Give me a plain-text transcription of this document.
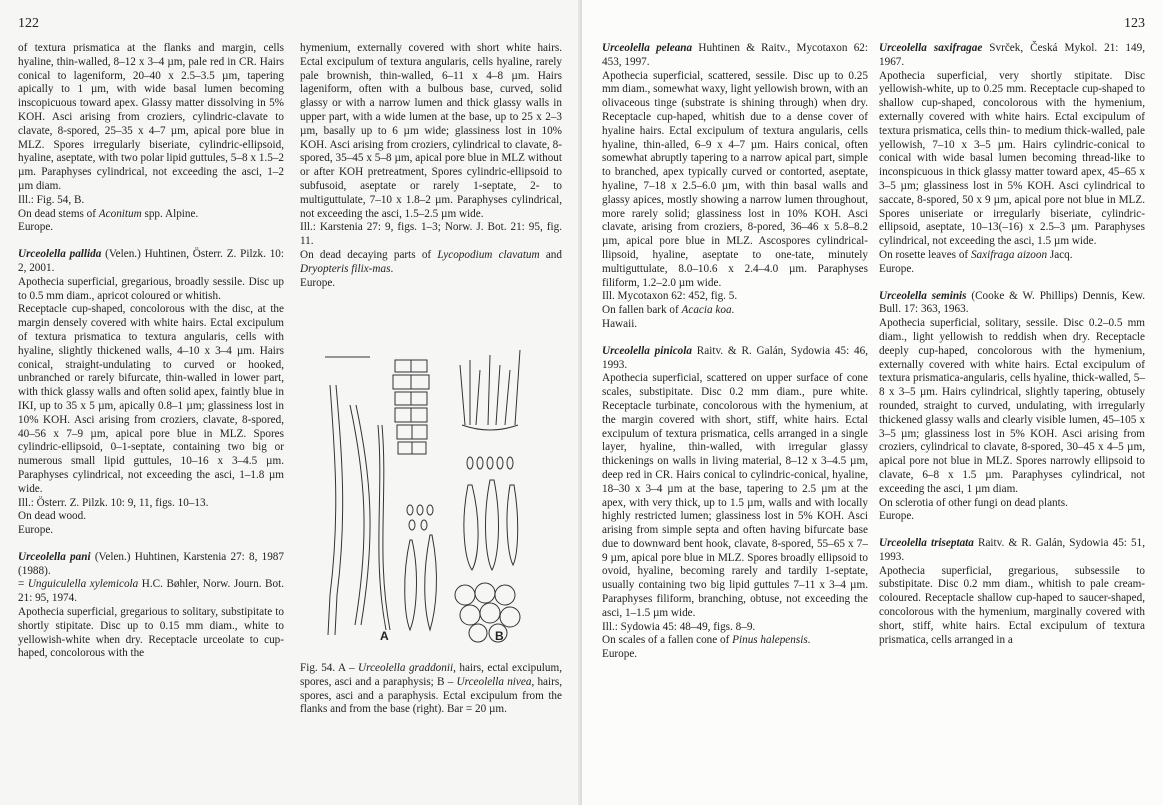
122

of textura prismatica at the flanks and margin, cells hyaline, thin-walled, 8–12 x 3–4 µm, pale red in CR. Hairs conical to lageniform, 20–40 x 2.5–3.5 µm, tapering apically to 1 µm, with wide basal lumen becoming inscopicuous toward apex. Glassy matter dissolving in 5% KOH. Asci arising from croziers, cylindric-clavate to clavate, 8-spored, 25–35 x 4–7 µm, apical pore blue in MLZ. Spores irregularly biseriate, cylindric-ellipsoid, hyaline, aseptate, with two polar lipid guttules, 5–8 x 1.5–2 µm. Paraphyses cylindrical, not exceeding the asci, 1–2 µm diam.

Ill.: Fig. 54, B.

On dead stems of Aconitum spp. Alpine.

Europe.

Urceolella pallida (Velen.) Huhtinen, Österr. Z. Pilzk. 10: 2, 2001.

Apothecia superficial, gregarious, broadly sessile. Disc up to 0.5 mm diam., apricot coloured or whitish.

Receptacle cup-shaped, concolorous with the disc, at the margin densely covered with white hairs. Ectal excipulum of textura prismatica to textura angularis, cells with hyaline, slightly thickened walls, 4–10 x 3–4 µm. Hairs conical, straight-undulating to curved or hooked, unbranched or rarely bifurcate, thin-walled in lower part, with thick glassy walls and often solid apex, faintly blue in IKI, up to 35 x 5 µm, apically 0.8–1 µm; glassiness lost in 10% KOH. Asci arising from croziers, clavate, 8-spored, 40–56 x 7–9 µm, apical pore blue in MLZ. Spores cylindric-ellipsoid, 0–1-septate, containing two big or numerous small lipid guttules, 10–16 x 3–4.5 µm. Paraphyses cylindrical, not exceeding the asci, 1–1.8 µm wide.

Ill.: Österr. Z. Pilzk. 10: 9, 11, figs. 10–13.

On dead wood.

Europe.

Urceolella pani (Velen.) Huhtinen, Karstenia 27: 8, 1987 (1988).

= Unguiculella xylemicola H.C. Bøhler, Norw. Journ. Bot. 21: 95, 1974.

Apothecia superficial, gregarious to solitary, substipitate to shortly stipitate. Disc up to 0.15 mm diam., white to yellowish-white when dry. Receptacle urceolate to cup-haped, concolorous with the

hymenium, externally covered with short white hairs. Ectal excipulum of textura angularis, cells hyaline, rarely pale brownish, thin-walled, 6–11 x 4–8 µm. Hairs lageniform, often with a bulbous base, curved, solid glassy or with a narrow lumen and thick glassy walls in upper part, with a wide lumen at the base, up to 25 x 2–3 µm, basally up to 6 µm wide; glassiness lost in 10% KOH. Asci arising from croziers, cylindrical to clavate, 8-spored, 35–45 x 5–8 µm, apical pore blue in MLZ without or after KOH pretreatment, Spores cylindric-ellipsoid to subfusoid, aseptate or rarely 1-septate, 2- to multiguttulate, 7–10 x 1.8–2 µm. Paraphyses cylindrical, not exceeding the asci, 1.5–2.5 µm wide.

Ill.: Karstenia 27: 9, figs. 1–3; Norw. J. Bot. 21: 95, fig. 11.

On dead decaying parts of Lycopodium clavatum and Dryopteris filix-mas.

Europe.

A	B

Fig. 54. A – Urceolella graddonii, hairs, ectal excipulum, spores, asci and a paraphysis; B – Urceolella nivea, hairs, spores, asci and a paraphysis. Ectal excipulum from the flanks and from the base (right). Bar = 20 µm.

123

Urceolella peleana Huhtinen & Raitv., Mycotaxon 62: 453, 1997.

Apothecia superficial, scattered, sessile. Disc up to 0.25 mm diam., somewhat waxy, light yellowish brown, with an olivaceous tinge (substrate is shining through) when dry. Receptacle cup-haped, whitish due to a dense cover of hyaline hairs. Ectal excipulum of textura angularis, cells hyaline, thin-alled, 6–9 x 4–7 µm. Hairs conical, often somewhat abruptly tapering to a narrow apical part, simple to branched, apex typically curved or contorted, aseptate, hyaline, 7–18 x 2.5–6.0 µm, with thin basal walls and glassy apices, mostly showing a narrow lumen throughout, more rarely solid; glassiness lost in 10% KOH. Asci clavate, arising from croziers, 8-pored, 36–46 x 5.8–8.2 µm, apical pore blue in MLZ. Ascospores cylindrical-llipsoid, hyaline, aseptate to one-tate, minutely multiguttulate, 8.0–10.6 x 2.4–4.0 µm. Paraphyses filiform, 1.2–2.0 µm wide.

Ill. Mycotaxon 62: 452, fig. 5.

On fallen bark of Acacia koa.

Hawaii.

Urceolella pinicola Raitv. & R. Galán, Sydowia 45: 46, 1993.

Apothecia superficial, scattered on upper surface of cone scales, substipitate. Disc 0.2 mm diam., pure white. Receptacle turbinate, concolorous with the hymenium, at the margin covered with short, stiff, white hairs. Ectal excipulum of textura prismatica, cells arranged in a single layer, hyaline, thin-walled, with irregular glassy thickenings on walls in living material, 8–12 x 3–4.5 µm, deep red in CR. Hairs conical to cylindric-conical, hyaline, 18–30 x 3–4 µm at the base, tapering to 2.5 µm at the apex, with very thick, up to 1.5 µm, walls and with locally highly restricted lumen; glassiness lost in 5% KOH. Asci arising from simple septa and often having bifurcate base due to downward bent hook, clavate, 8-spored, 55–65 x 7–9 µm, apical pore blue in MLZ. Spores broadly ellipsoid to ovoid, hyaline, becoming rarely and tardily 1-septate, usually containing two big lipid guttules 7–11 x 3–4 µm. Paraphyses filiform, branching, obtuse, not exceeding the asci, 1–1.5 µm wide.

Ill.: Sydowia 45: 48–49, figs. 8–9.

On scales of a fallen cone of Pinus halepensis.

Europe.

Urceolella saxifragae Svrček, Česká Mykol. 21: 149, 1967.

Apothecia superficial, very shortly stipitate. Disc yellowish-white, up to 0.25 mm. Receptacle cup-shaped to shallow cup-shaped, concolorous with the hymenium, externally covered with white hairs. Ectal excipulum of textura prismatica, cells thin- to medium thick-walled, pale yellowish, 7–10 x 3–5 µm. Hairs cylindric-conical to conical with wide basal lumen becoming thread-like to inconspicuous in thick glassy matter toward apex, 45–65 x 3–5 µm; glassiness lost in 5% KOH. Asci cylindrical to saccate, 8-spored, 50 x 9 µm, apical pore not blue in MLZ. Spores uniseriate or irregularly biseriate, cylindric-ellipsoid, aseptate, 10–13(–16) x 2.5–3 µm. Paraphyses cylindrical, not exceeding the asci, 1.5 µm wide.

On rosette leaves of Saxifraga aizoon Jacq.

Europe.

Urceolella seminis (Cooke & W. Phillips) Dennis, Kew. Bull. 17: 363, 1963.

Apothecia superficial, solitary, sessile. Disc 0.2–0.5 mm diam., light yellowish to reddish when dry. Receptacle deeply cup-haped, concolorous with the hymenium, externally covered with white hairs. Ectal excipulum of textura prismatica-angularis, cells hyaline, thick-walled, 5–8 x 3–5 µm. Hairs cylindrical, slightly tapering, obtusely rounded, straight to curved, undulating, with irregularly thickened glassy walls and clearly visible lumen, 45–105 x 3–5 µm; glassiness lost in 5% KOH. Asci arising from croziers, cylindrical to clavate, 8-spored, 30–45 x 4–5 µm, apical pore not blue in MLZ. Spores narrowly ellipsoid to clavate, 6–8 x 1.5 µm. Paraphyses cylindrical, not exceeding the asci, 1 µm diam.

On sclerotia of other fungi on dead plants.

Europe.

Urceolella triseptata Raitv. & R. Galán, Sydowia 45: 51, 1993.

Apothecia superficial, gregarious, subsessile to substipitate. Disc 0.2 mm diam., whitish to pale cream-coloured. Receptacle shallow cup-haped to saucer-shaped, concolorous with the hymenium, marginally covered with short, stiff, white hairs. Ectal excipulum of textura prismatica, cells arranged in a
